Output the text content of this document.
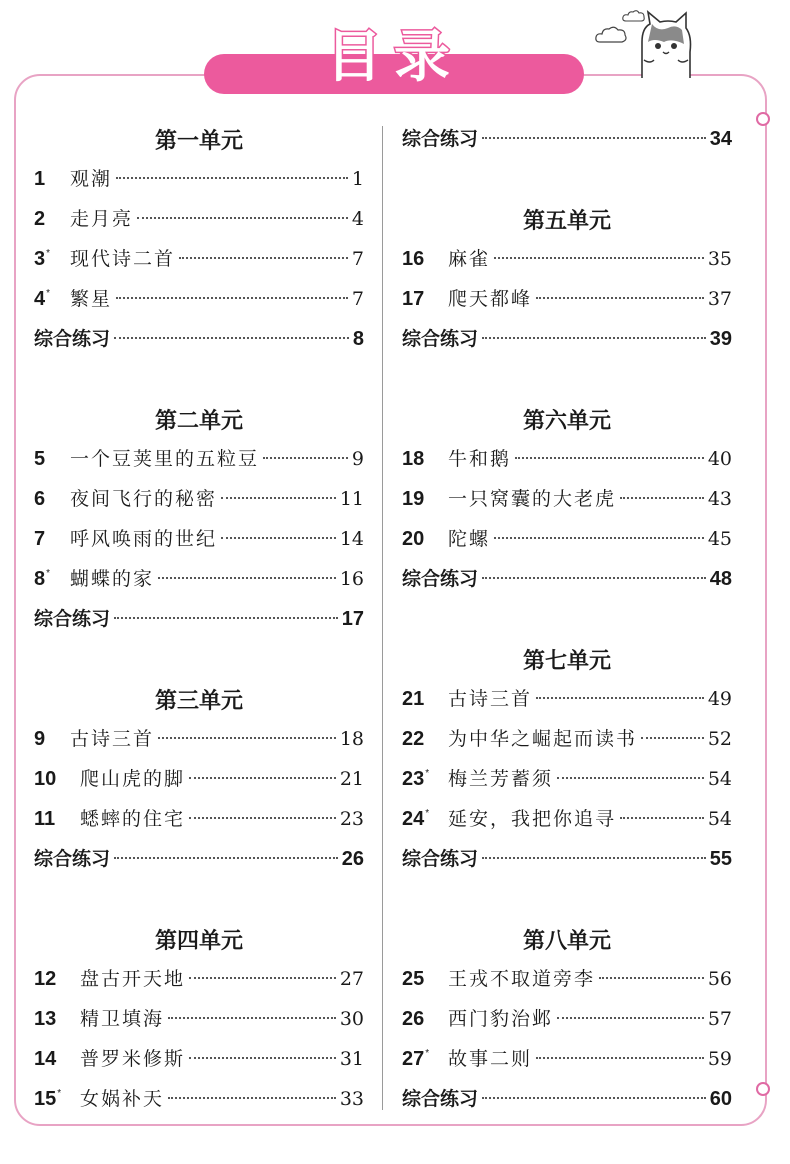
目录
第一单元
1	观潮	1
2	走月亮	4
3*	现代诗二首	7
4*	繁星	7
综合练习	8
第二单元
5	一个豆荚里的五粒豆	9
6	夜间飞行的秘密	11
7	呼风唤雨的世纪	14
8*	蝴蝶的家	16
综合练习	17
第三单元
9	古诗三首	18
10	爬山虎的脚	21
11	蟋蟀的住宅	23
综合练习	26
第四单元
12	盘古开天地	27
13	精卫填海	30
14	普罗米修斯	31
15* 女娲补天	33
综合练习	34
第五单元
16	麻雀	35
17	爬天都峰	37
综合练习	39
第六单元
18	牛和鹅	40
19	一只窝囊的大老虎	43
20	陀螺	45
综合练习	48
第七单元
21	古诗三首	49
22	为中华之崛起而读书	52
23* 梅兰芳蓄须	54
24* 延安，我把你追寻	54
综合练习	55
第八单元
25	王戎不取道旁李	56
26	西门豹治邺	57
27* 故事二则	59
综合练习	60
